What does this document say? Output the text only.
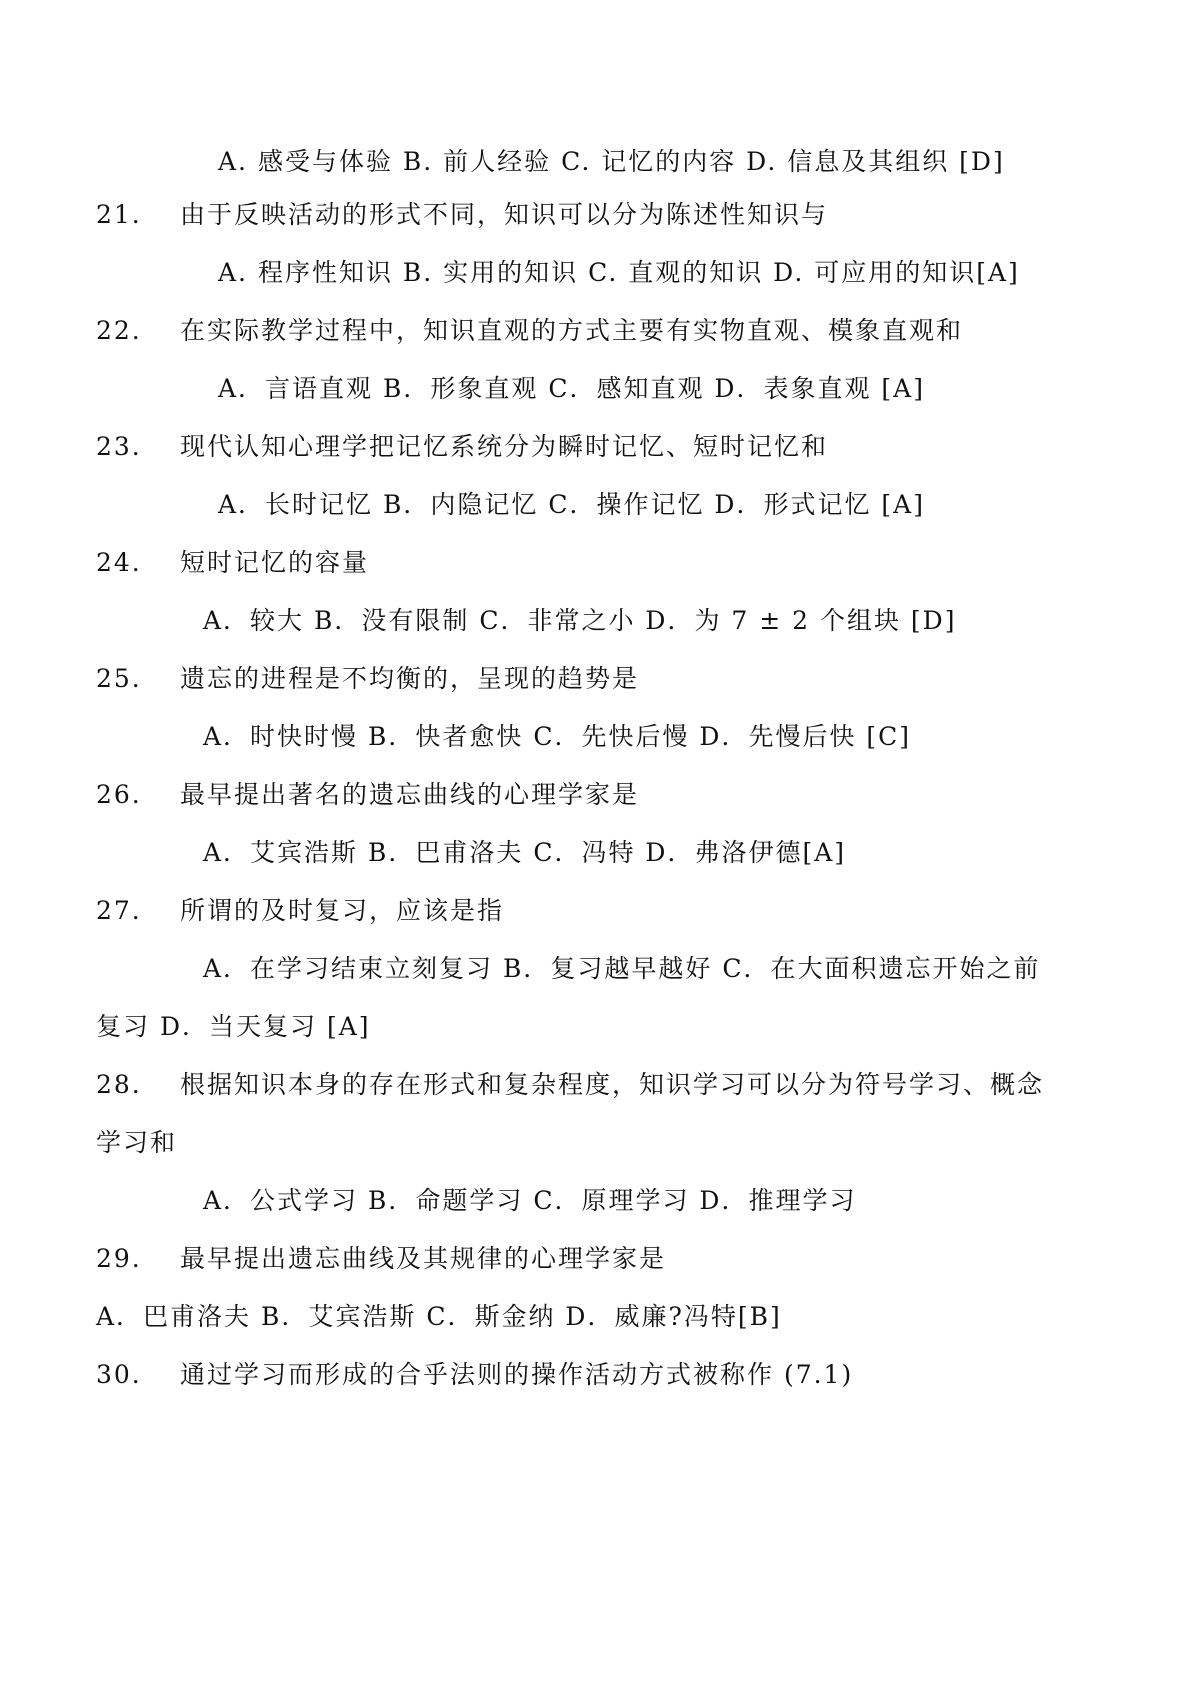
A. 感受与体验 B. 前人经验 C. 记忆的内容 D. 信息及其组织 [D]
21. 由于反映活动的形式不同，知识可以分为陈述性知识与
A. 程序性知识 B. 实用的知识 C. 直观的知识 D. 可应用的知识[A]
22. 在实际教学过程中，知识直观的方式主要有实物直观、模象直观和
A．言语直观 B．形象直观 C．感知直观 D．表象直观 [A]
23. 现代认知心理学把记忆系统分为瞬时记忆、短时记忆和
A．长时记忆 B．内隐记忆 C．操作记忆 D．形式记忆 [A]
24. 短时记忆的容量
A．较大 B．没有限制 C．非常之小 D．为 7 ± 2 个组块 [D]
25. 遗忘的进程是不均衡的，呈现的趋势是
A．时快时慢 B．快者愈快 C．先快后慢 D．先慢后快 [C]
26. 最早提出著名的遗忘曲线的心理学家是
A．艾宾浩斯 B．巴甫洛夫 C．冯特 D．弗洛伊德[A]
27. 所谓的及时复习，应该是指
A．在学习结束立刻复习 B．复习越早越好 C．在大面积遗忘开始之前
复习 D．当天复习 [A]
28. 根据知识本身的存在形式和复杂程度，知识学习可以分为符号学习、概念
学习和
A．公式学习 B．命题学习 C．原理学习 D．推理学习
29. 最早提出遗忘曲线及其规律的心理学家是
A．巴甫洛夫 B．艾宾浩斯 C．斯金纳 D．威廉?冯特[B]
30. 通过学习而形成的合乎法则的操作活动方式被称作 (7.1)
